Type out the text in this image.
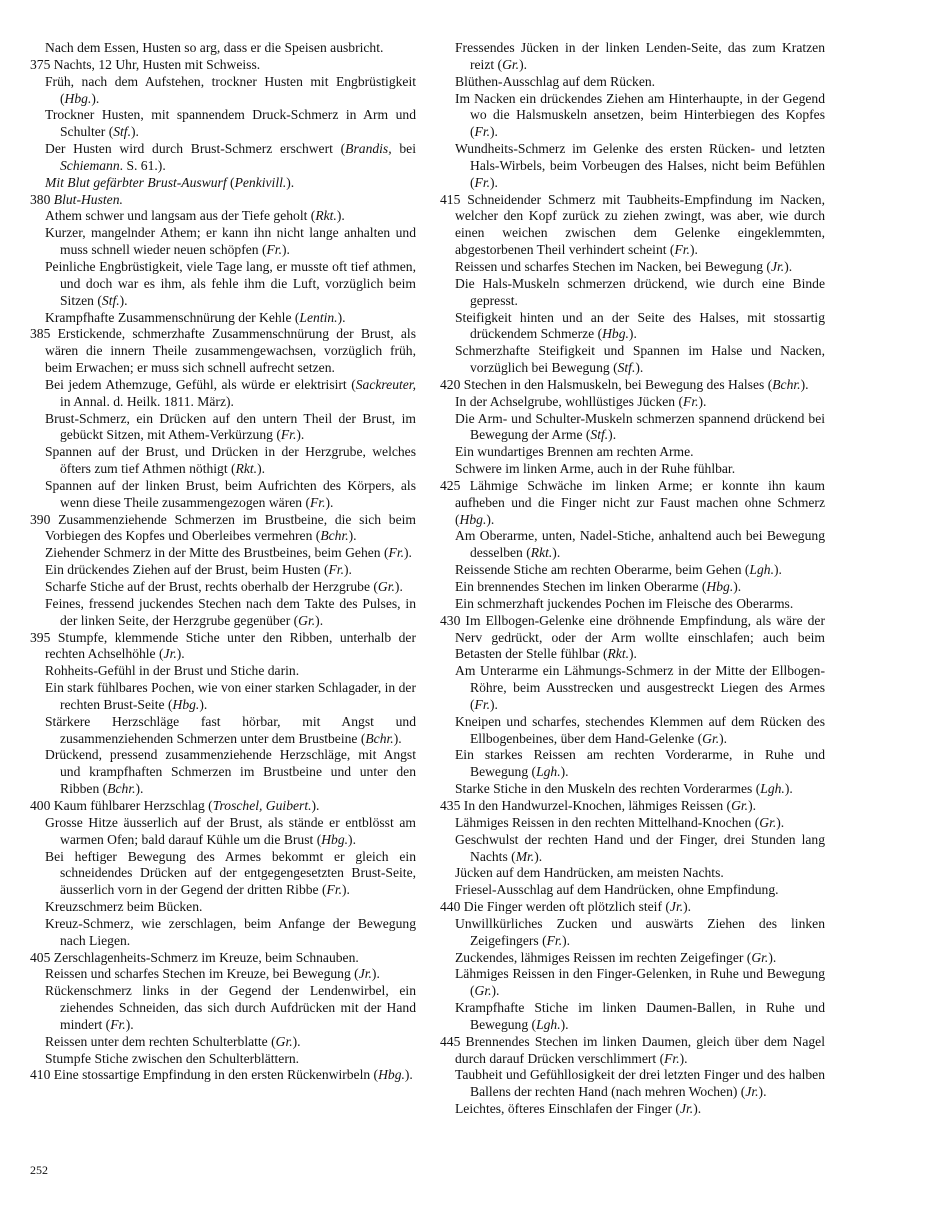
Nach dem Essen, Husten so arg, dass er die Speisen ausbricht.

375 Nachts, 12 Uhr, Husten mit Schweiss.

Früh, nach dem Aufstehen, trockner Husten mit Engbrüstigkeit (Hbg.).

Trockner Husten, mit spannendem Druck-Schmerz in Arm und Schulter (Stf.).

Der Husten wird durch Brust-Schmerz erschwert (Brandis, bei Schiemann. S. 61.).

Mit Blut gefärbter Brust-Auswurf (Penkivill.).

380 Blut-Husten.

Athem schwer und langsam aus der Tiefe geholt (Rkt.).

Kurzer, mangelnder Athem; er kann ihn nicht lange anhalten und muss schnell wieder neuen schöpfen (Fr.).

Peinliche Engbrüstigkeit, viele Tage lang, er musste oft tief athmen, und doch war es ihm, als fehle ihm die Luft, vorzüglich beim Sitzen (Stf.).

Krampfhafte Zusammenschnürung der Kehle (Lentin.).

385 Erstickende, schmerzhafte Zusammenschnürung der Brust, als wären die innern Theile zusammengewachsen, vorzüglich früh, beim Erwachen; er muss sich schnell aufrecht setzen.

Bei jedem Athemzuge, Gefühl, als würde er elektrisirt (Sackreuter, in Annal. d. Heilk. 1811. März).

Brust-Schmerz, ein Drücken auf den untern Theil der Brust, im gebückt Sitzen, mit Athem-Verkürzung (Fr.).

Spannen auf der Brust, und Drücken in der Herzgrube, welches öfters zum tief Athmen nöthigt (Rkt.).

Spannen auf der linken Brust, beim Aufrichten des Körpers, als wenn diese Theile zusammengezogen wären (Fr.).

390 Zusammenziehende Schmerzen im Brustbeine, die sich beim Vorbiegen des Kopfes und Oberleibes vermehren (Bchr.).

Ziehender Schmerz in der Mitte des Brustbeines, beim Gehen (Fr.).

Ein drückendes Ziehen auf der Brust, beim Husten (Fr.).

Scharfe Stiche auf der Brust, rechts oberhalb der Herzgrube (Gr.).

Feines, fressend juckendes Stechen nach dem Takte des Pulses, in der linken Seite, der Herzgrube gegenüber (Gr.).

395 Stumpfe, klemmende Stiche unter den Ribben, unterhalb der rechten Achselhöhle (Jr.).

Rohheits-Gefühl in der Brust und Stiche darin.

Ein stark fühlbares Pochen, wie von einer starken Schlagader, in der rechten Brust-Seite (Hbg.).

Stärkere Herzschläge fast hörbar, mit Angst und zusammenziehenden Schmerzen unter dem Brustbeine (Bchr.).

Drückend, pressend zusammenziehende Herzschläge, mit Angst und krampfhaften Schmerzen im Brustbeine und unter den Ribben (Bchr.).

400 Kaum fühlbarer Herzschlag (Troschel, Guibert.).

Grosse Hitze äusserlich auf der Brust, als stände er entblösst am warmen Ofen; bald darauf Kühle um die Brust (Hbg.).

Bei heftiger Bewegung des Armes bekommt er gleich ein schneidendes Drücken auf der entgegengesetzten Brust-Seite, äusserlich vorn in der Gegend der dritten Ribbe (Fr.).

Kreuzschmerz beim Bücken.

Kreuz-Schmerz, wie zerschlagen, beim Anfange der Bewegung nach Liegen.

405 Zerschlagenheits-Schmerz im Kreuze, beim Schnauben.

Reissen und scharfes Stechen im Kreuze, bei Bewegung (Jr.).

Rückenschmerz links in der Gegend der Lendenwirbel, ein ziehendes Schneiden, das sich durch Aufdrücken mit der Hand mindert (Fr.).

Reissen unter dem rechten Schulterblatte (Gr.).

Stumpfe Stiche zwischen den Schulterblättern.

410 Eine stossartige Empfindung in den ersten Rückenwirbeln (Hbg.).

Fressendes Jücken in der linken Lenden-Seite, das zum Kratzen reizt (Gr.).

Blüthen-Ausschlag auf dem Rücken.

Im Nacken ein drückendes Ziehen am Hinterhaupte, in der Gegend wo die Halsmuskeln ansetzen, beim Hinterbiegen des Kopfes (Fr.).

Wundheits-Schmerz im Gelenke des ersten Rücken- und letzten Hals-Wirbels, beim Vorbeugen des Halses, nicht beim Befühlen (Fr.).

415 Schneidender Schmerz mit Taubheits-Empfindung im Nacken, welcher den Kopf zurück zu ziehen zwingt, was aber, wie durch einen weichen zwischen dem Gelenke eingeklemmten, abgestorbenen Theil verhindert scheint (Fr.).

Reissen und scharfes Stechen im Nacken, bei Bewegung (Jr.).

Die Hals-Muskeln schmerzen drückend, wie durch eine Binde gepresst.

Steifigkeit hinten und an der Seite des Halses, mit stossartig drückendem Schmerze (Hbg.).

Schmerzhafte Steifigkeit und Spannen im Halse und Nacken, vorzüglich bei Bewegung (Stf.).

420 Stechen in den Halsmuskeln, bei Bewegung des Halses (Bchr.).

In der Achselgrube, wohllüstiges Jücken (Fr.).

Die Arm- und Schulter-Muskeln schmerzen spannend drückend bei Bewegung der Arme (Stf.).

Ein wundartiges Brennen am rechten Arme.

Schwere im linken Arme, auch in der Ruhe fühlbar.

425 Lähmige Schwäche im linken Arme; er konnte ihn kaum aufheben und die Finger nicht zur Faust machen ohne Schmerz (Hbg.).

Am Oberarme, unten, Nadel-Stiche, anhaltend auch bei Bewegung desselben (Rkt.).

Reissende Stiche am rechten Oberarme, beim Gehen (Lgh.).

Ein brennendes Stechen im linken Oberarme (Hbg.).

Ein schmerzhaft juckendes Pochen im Fleische des Oberarms.

430 Im Ellbogen-Gelenke eine dröhnende Empfindung, als wäre der Nerv gedrückt, oder der Arm wollte einschlafen; auch beim Betasten der Stelle fühlbar (Rkt.).

Am Unterarme ein Lähmungs-Schmerz in der Mitte der Ellbogen-Röhre, beim Ausstrecken und ausgestreckt Liegen des Armes (Fr.).

Kneipen und scharfes, stechendes Klemmen auf dem Rücken des Ellbogenbeines, über dem Hand-Gelenke (Gr.).

Ein starkes Reissen am rechten Vorderarme, in Ruhe und Bewegung (Lgh.).

Starke Stiche in den Muskeln des rechten Vorderarmes (Lgh.).

435 In den Handwurzel-Knochen, lähmiges Reissen (Gr.).

Lähmiges Reissen in den rechten Mittelhand-Knochen (Gr.).

Geschwulst der rechten Hand und der Finger, drei Stunden lang Nachts (Mr.).

Jücken auf dem Handrücken, am meisten Nachts.

Friesel-Ausschlag auf dem Handrücken, ohne Empfindung.

440 Die Finger werden oft plötzlich steif (Jr.).

Unwillkürliches Zucken und auswärts Ziehen des linken Zeigefingers (Fr.).

Zuckendes, lähmiges Reissen im rechten Zeigefinger (Gr.).

Lähmiges Reissen in den Finger-Gelenken, in Ruhe und Bewegung (Gr.).

Krampfhafte Stiche im linken Daumen-Ballen, in Ruhe und Bewegung (Lgh.).

445 Brennendes Stechen im linken Daumen, gleich über dem Nagel durch darauf Drücken verschlimmert (Fr.).

Taubheit und Gefühllosigkeit der drei letzten Finger und des halben Ballens der rechten Hand (nach mehren Wochen) (Jr.).

Leichtes, öfteres Einschlafen der Finger (Jr.).

252
